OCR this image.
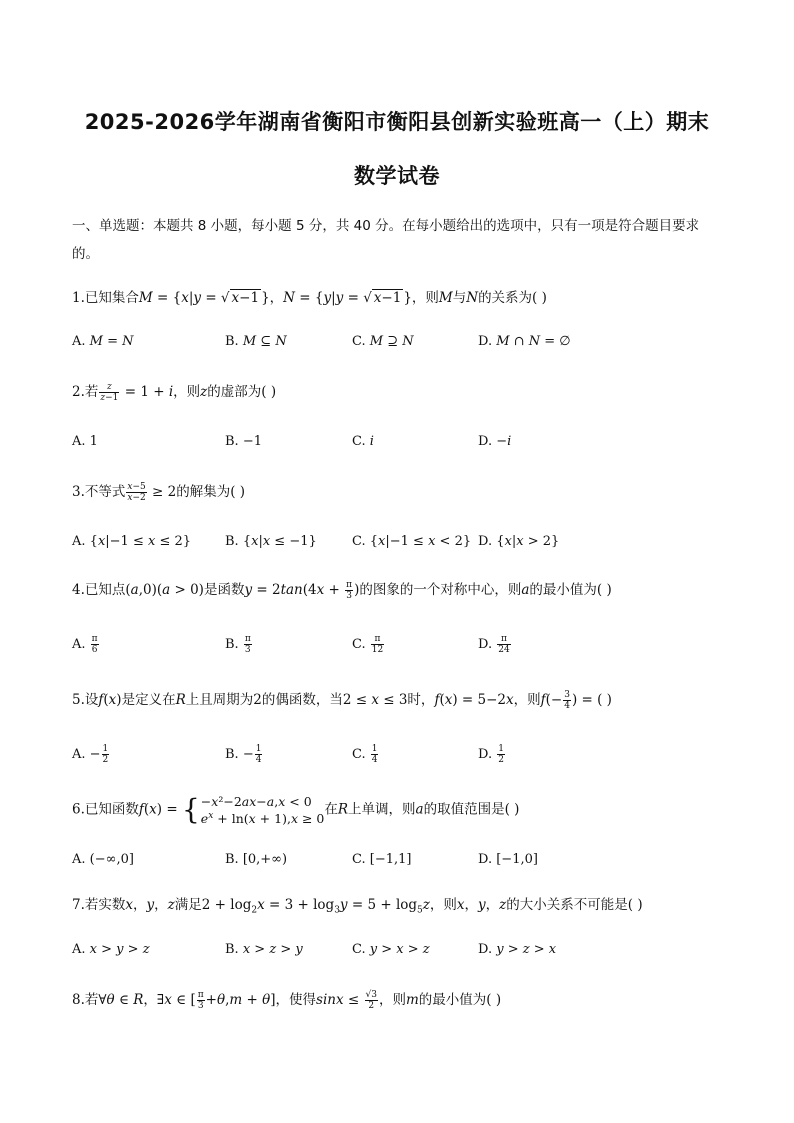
2025-2026学年湖南省衡阳市衡阳县创新实验班高一（上）期末
数学试卷
一、单选题：本题共 8 小题，每小题 5 分，共 40 分。在每小题给出的选项中，只有一项是符合题目要求
的。
1.已知集合M = {x|y = √ x−1 }，N = {y|y = √ x−1 }，则M与N的关系为( )
A. M = N	B. M ⊆ N	C. M ⊇ N	D. M ∩ N = ∅
2.若 $\frac{z}{z-1} = 1 + i$，则z的虚部为( )
A. 1	B. −1	C. i	D. −i
3.不等式 $\frac{x-5}{x-2} \ge 2$的解集为( )
A. {x|−1 ≤ x ≤ 2}	B. {x|x ≤ −1}	C. {x|−1 ≤ x < 2} D. {x|x > 2}
4.已知点(a,0)(a > 0)是函数$y = 2\tan(4x + \frac{\pi}{3}$ )的图象的一个对称中心，则a的最小值为( )
A. $\frac{\pi}{6}$	B. $\frac{\pi}{3}$	C. $\frac{\pi}{12}$	D. $\frac{\pi}{24}$
5.设f(x)是定义在R上且周期为2的偶函数，当2 ≤ x ≤ 3时，f(x) = 5−2x，则$f(- \frac{3}{4}$ ) = ( )
A. − $\frac{1}{2}$	B. − $\frac{1}{4}$	C. $\frac{1}{4}$	D. $\frac{1}{2}$
6.已知函数f(x) = { −x²−2ax−a,x < 0
$e^x + \ln(x + 1),x \ge 0$
在R上单调，则a的取值范围是( )
A. (−∞,0]	B. [0,+∞)	C. [−1,1]	D. [−1,0]
7.若实数x，y，z满足$2 + \log_2x = 3 + \log_3y = 5 + \log_5z$，则x，y，z的大小关系不可能是( )
A. x > y > z	B. x > z > y	C. y > x > z	D. y > z > x
8.若∀θ ∈ R，∃x ∈ [ $\frac{\pi}{3} +\theta,m + \theta$]，使得$\sin x \le \frac{√3}{2}$ ，则m的最小值为( )
